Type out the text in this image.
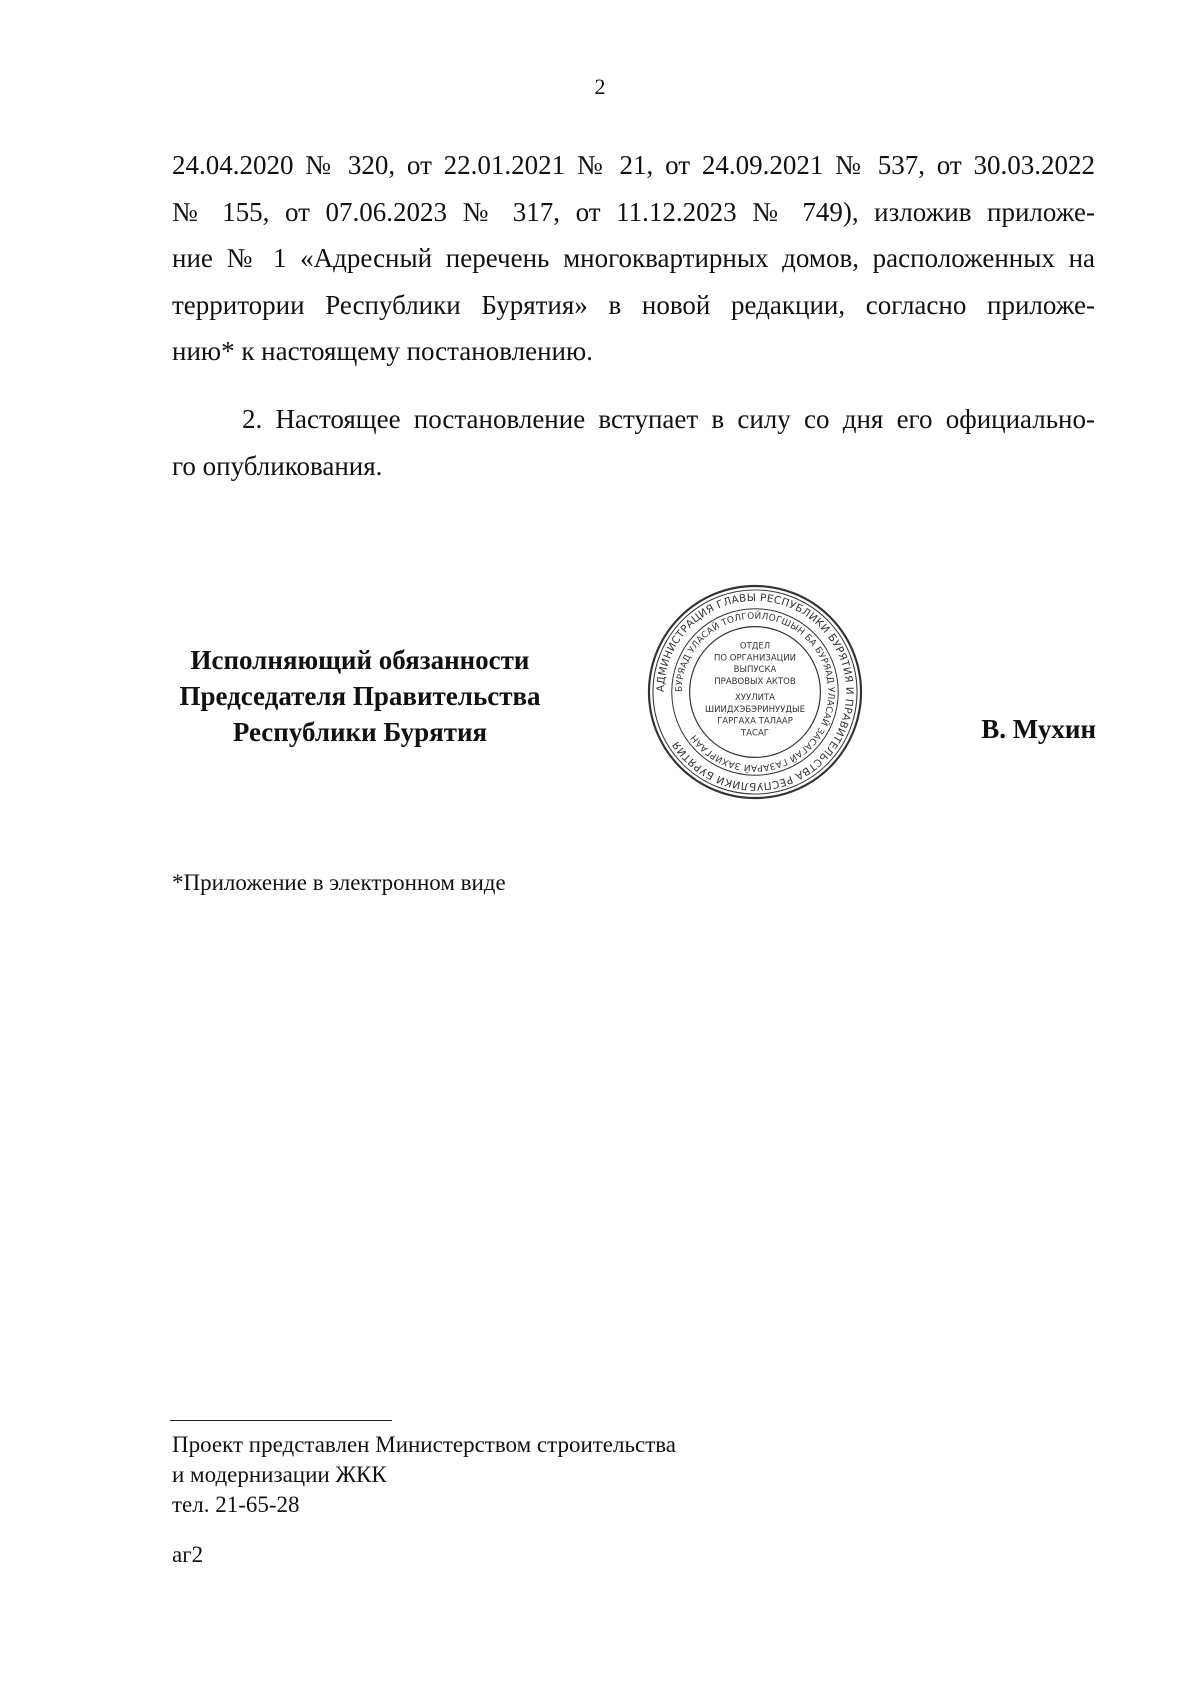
2
24.04.2020 № 320, от 22.01.2021 № 21, от 24.09.2021 № 537, от 30.03.2022
№ 155, от 07.06.2023 № 317, от 11.12.2023 № 749), изложив приложе-
ние № 1 «Адресный перечень многоквартирных домов, расположенных на
территории Республики Бурятия» в новой редакции, согласно приложе-
нию* к настоящему постановлению.
2. Настоящее постановление вступает в силу со дня его официально-
го опубликования.
Исполняющий обязанности
Председателя Правительства
Республики Бурятия
АДМИНИСТРАЦИЯ ГЛАВЫ РЕСПУБЛИКИ БУРЯТИЯ И ПРАВИТЕЛЬСТВА РЕСПУБЛИКИ БУРЯТИЯ
БУРЯАД УЛАСАЙ ТОЛГОЙЛОГШЫН БА БУРЯАД УЛАСАЙ ЗАСАГАЙ ГАЗАРАЙ ЗАХИРГААН
ОТДЕЛ
ПО ОРГАНИЗАЦИИ
ВЫПУСКА
ПРАВОВЫХ АКТОВ
ХУУЛИТА
ШИИДХЭБЭРИНУУДЫЕ
ГАРГАХА ТАЛААР
ТАСАГ	В. Мухин
*Приложение в электронном виде
Проект представлен Министерством строительства
и модернизации ЖКК
тел. 21-65-28
аг2
